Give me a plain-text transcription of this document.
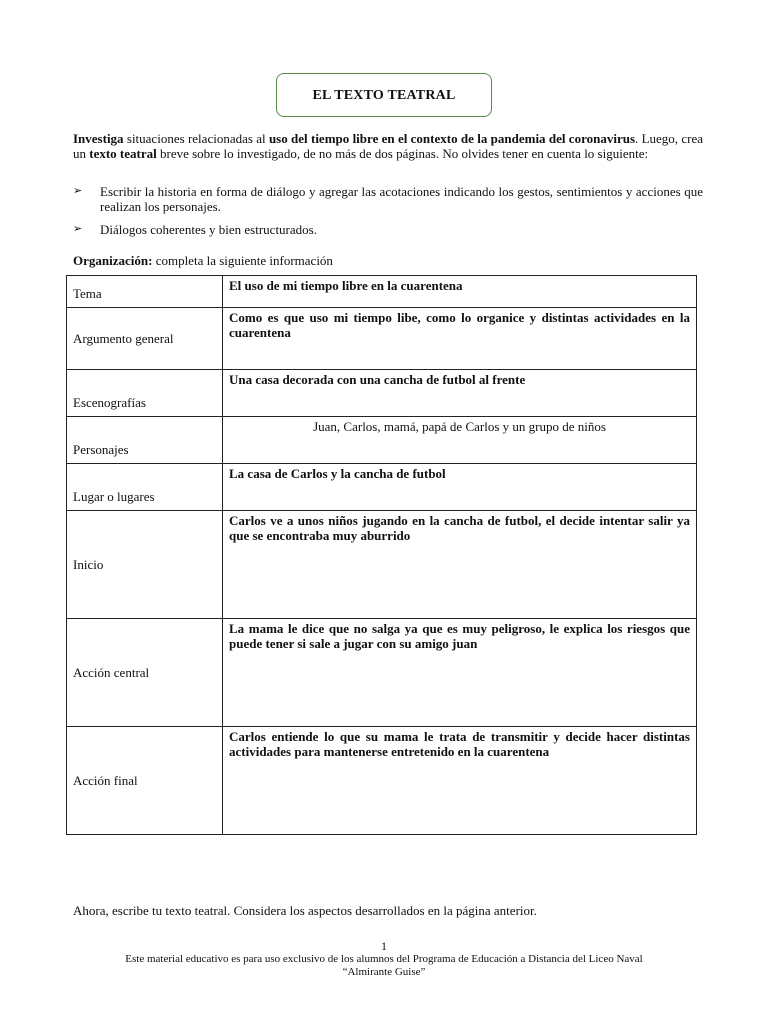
EL TEXTO TEATRAL
Investiga situaciones relacionadas al uso del tiempo libre en el contexto de la pandemia del coronavirus. Luego, crea un texto teatral breve sobre lo investigado, de no más de dos páginas. No olvides tener en cuenta lo siguiente:
➢ Escribir la historia en forma de diálogo y agregar las acotaciones indicando los gestos, sentimientos y acciones que realizan los personajes.
➢ Diálogos coherentes y bien estructurados.
Organización: completa la siguiente información
Tema	El uso de mi tiempo libre en la cuarentena
Argumento general	Como es que uso mi tiempo libe, como lo organice y distintas actividades en la cuarentena
Escenografías	Una casa decorada con una cancha de futbol al frente
Personajes	Juan, Carlos, mamá, papá de Carlos y un grupo de niños
Lugar o lugares	La casa de Carlos y la cancha de futbol
Inicio	Carlos ve a unos niños jugando en la cancha de futbol, el decide intentar salir ya que se encontraba muy aburrido
Acción central	La mama le dice que no salga ya que es muy peligroso, le explica los riesgos que puede tener si sale a jugar con su amigo juan
Acción final	Carlos entiende lo que su mama le trata de transmitir y decide hacer distintas actividades para mantenerse entretenido en la cuarentena
Ahora, escribe tu texto teatral. Considera los aspectos desarrollados en la página anterior.
1
Este material educativo es para uso exclusivo de los alumnos del Programa de Educación a Distancia del Liceo Naval
“Almirante Guise”
